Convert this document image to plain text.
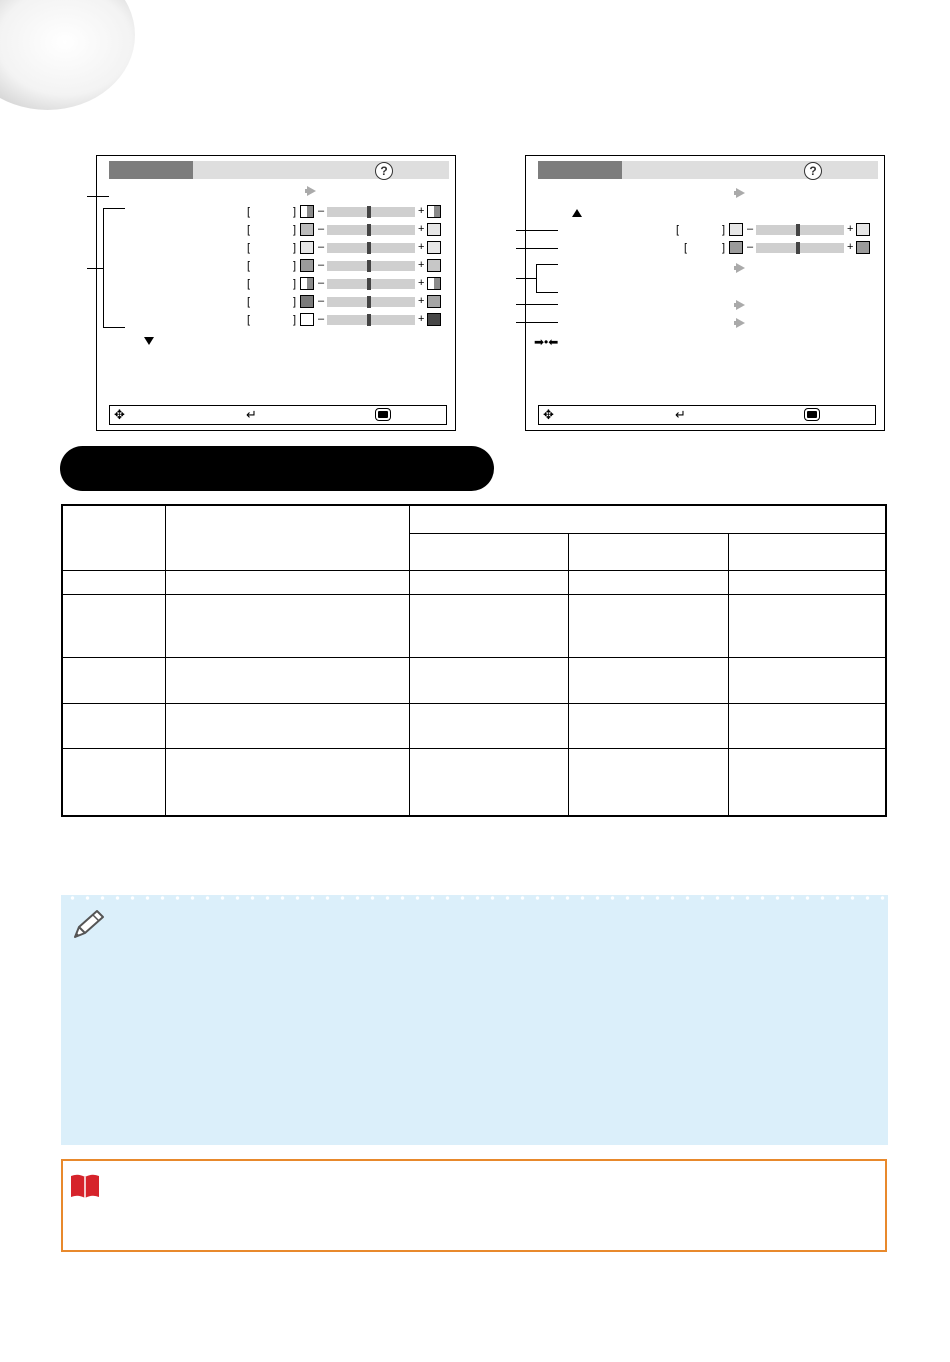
?
[	] –	+
[	] –	+
[	] –	+
[	] –	+
[	] –	+
[	] –	+
[	] –	+
✥	↵
?
[	] –	+
[	] –	+
➡•⬅
✥	↵
